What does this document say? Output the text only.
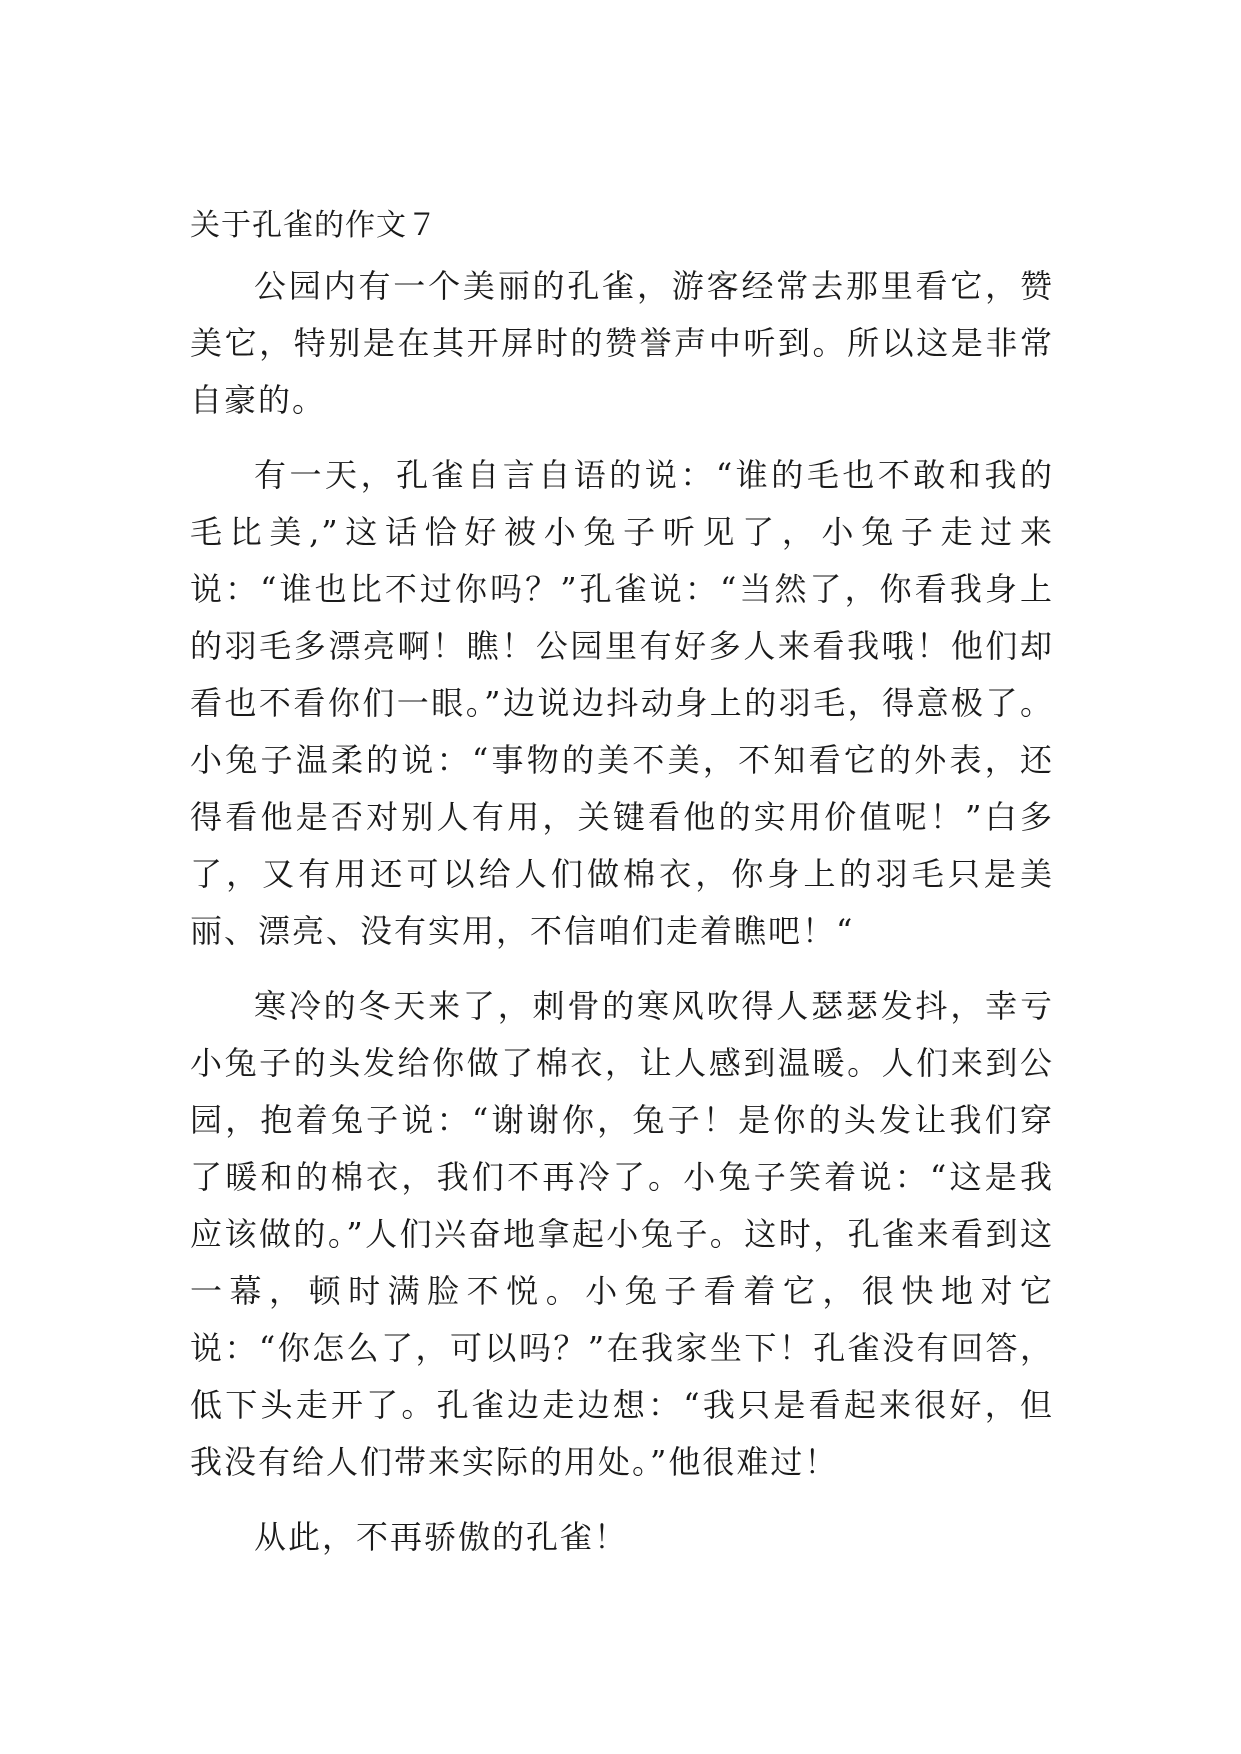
关于孔雀的作文７

公园内有一个美丽的孔雀，游客经常去那里看它，赞美它，特别是在其开屏时的赞誉声中听到。所以这是非常自豪的。

有一天，孔雀自言自语的说：“谁的毛也不敢和我的毛比美,”这话恰好被小兔子听见了，小兔子走过来说：“谁也比不过你吗？”孔雀说：“当然了，你看我身上的羽毛多漂亮啊！瞧！公园里有好多人来看我哦！他们却看也不看你们一眼。”边说边抖动身上的羽毛，得意极了。小兔子温柔的说：“事物的美不美，不知看它的外表，还得看他是否对别人有用，关键看他的实用价值呢！”白多了，又有用还可以给人们做棉衣，你身上的羽毛只是美丽、漂亮、没有实用，不信咱们走着瞧吧！“

寒冷的冬天来了，刺骨的寒风吹得人瑟瑟发抖，幸亏小兔子的头发给你做了棉衣，让人感到温暖。人们来到公园，抱着兔子说：“谢谢你，兔子！是你的头发让我们穿了暖和的棉衣，我们不再冷了。小兔子笑着说：“这是我应该做的。”人们兴奋地拿起小兔子。这时，孔雀来看到这一幕，顿时满脸不悦。小兔子看着它，很快地对它说：“你怎么了，可以吗？”在我家坐下！孔雀没有回答，低下头走开了。孔雀边走边想：“我只是看起来很好，但我没有给人们带来实际的用处。”他很难过！

从此，不再骄傲的孔雀！
